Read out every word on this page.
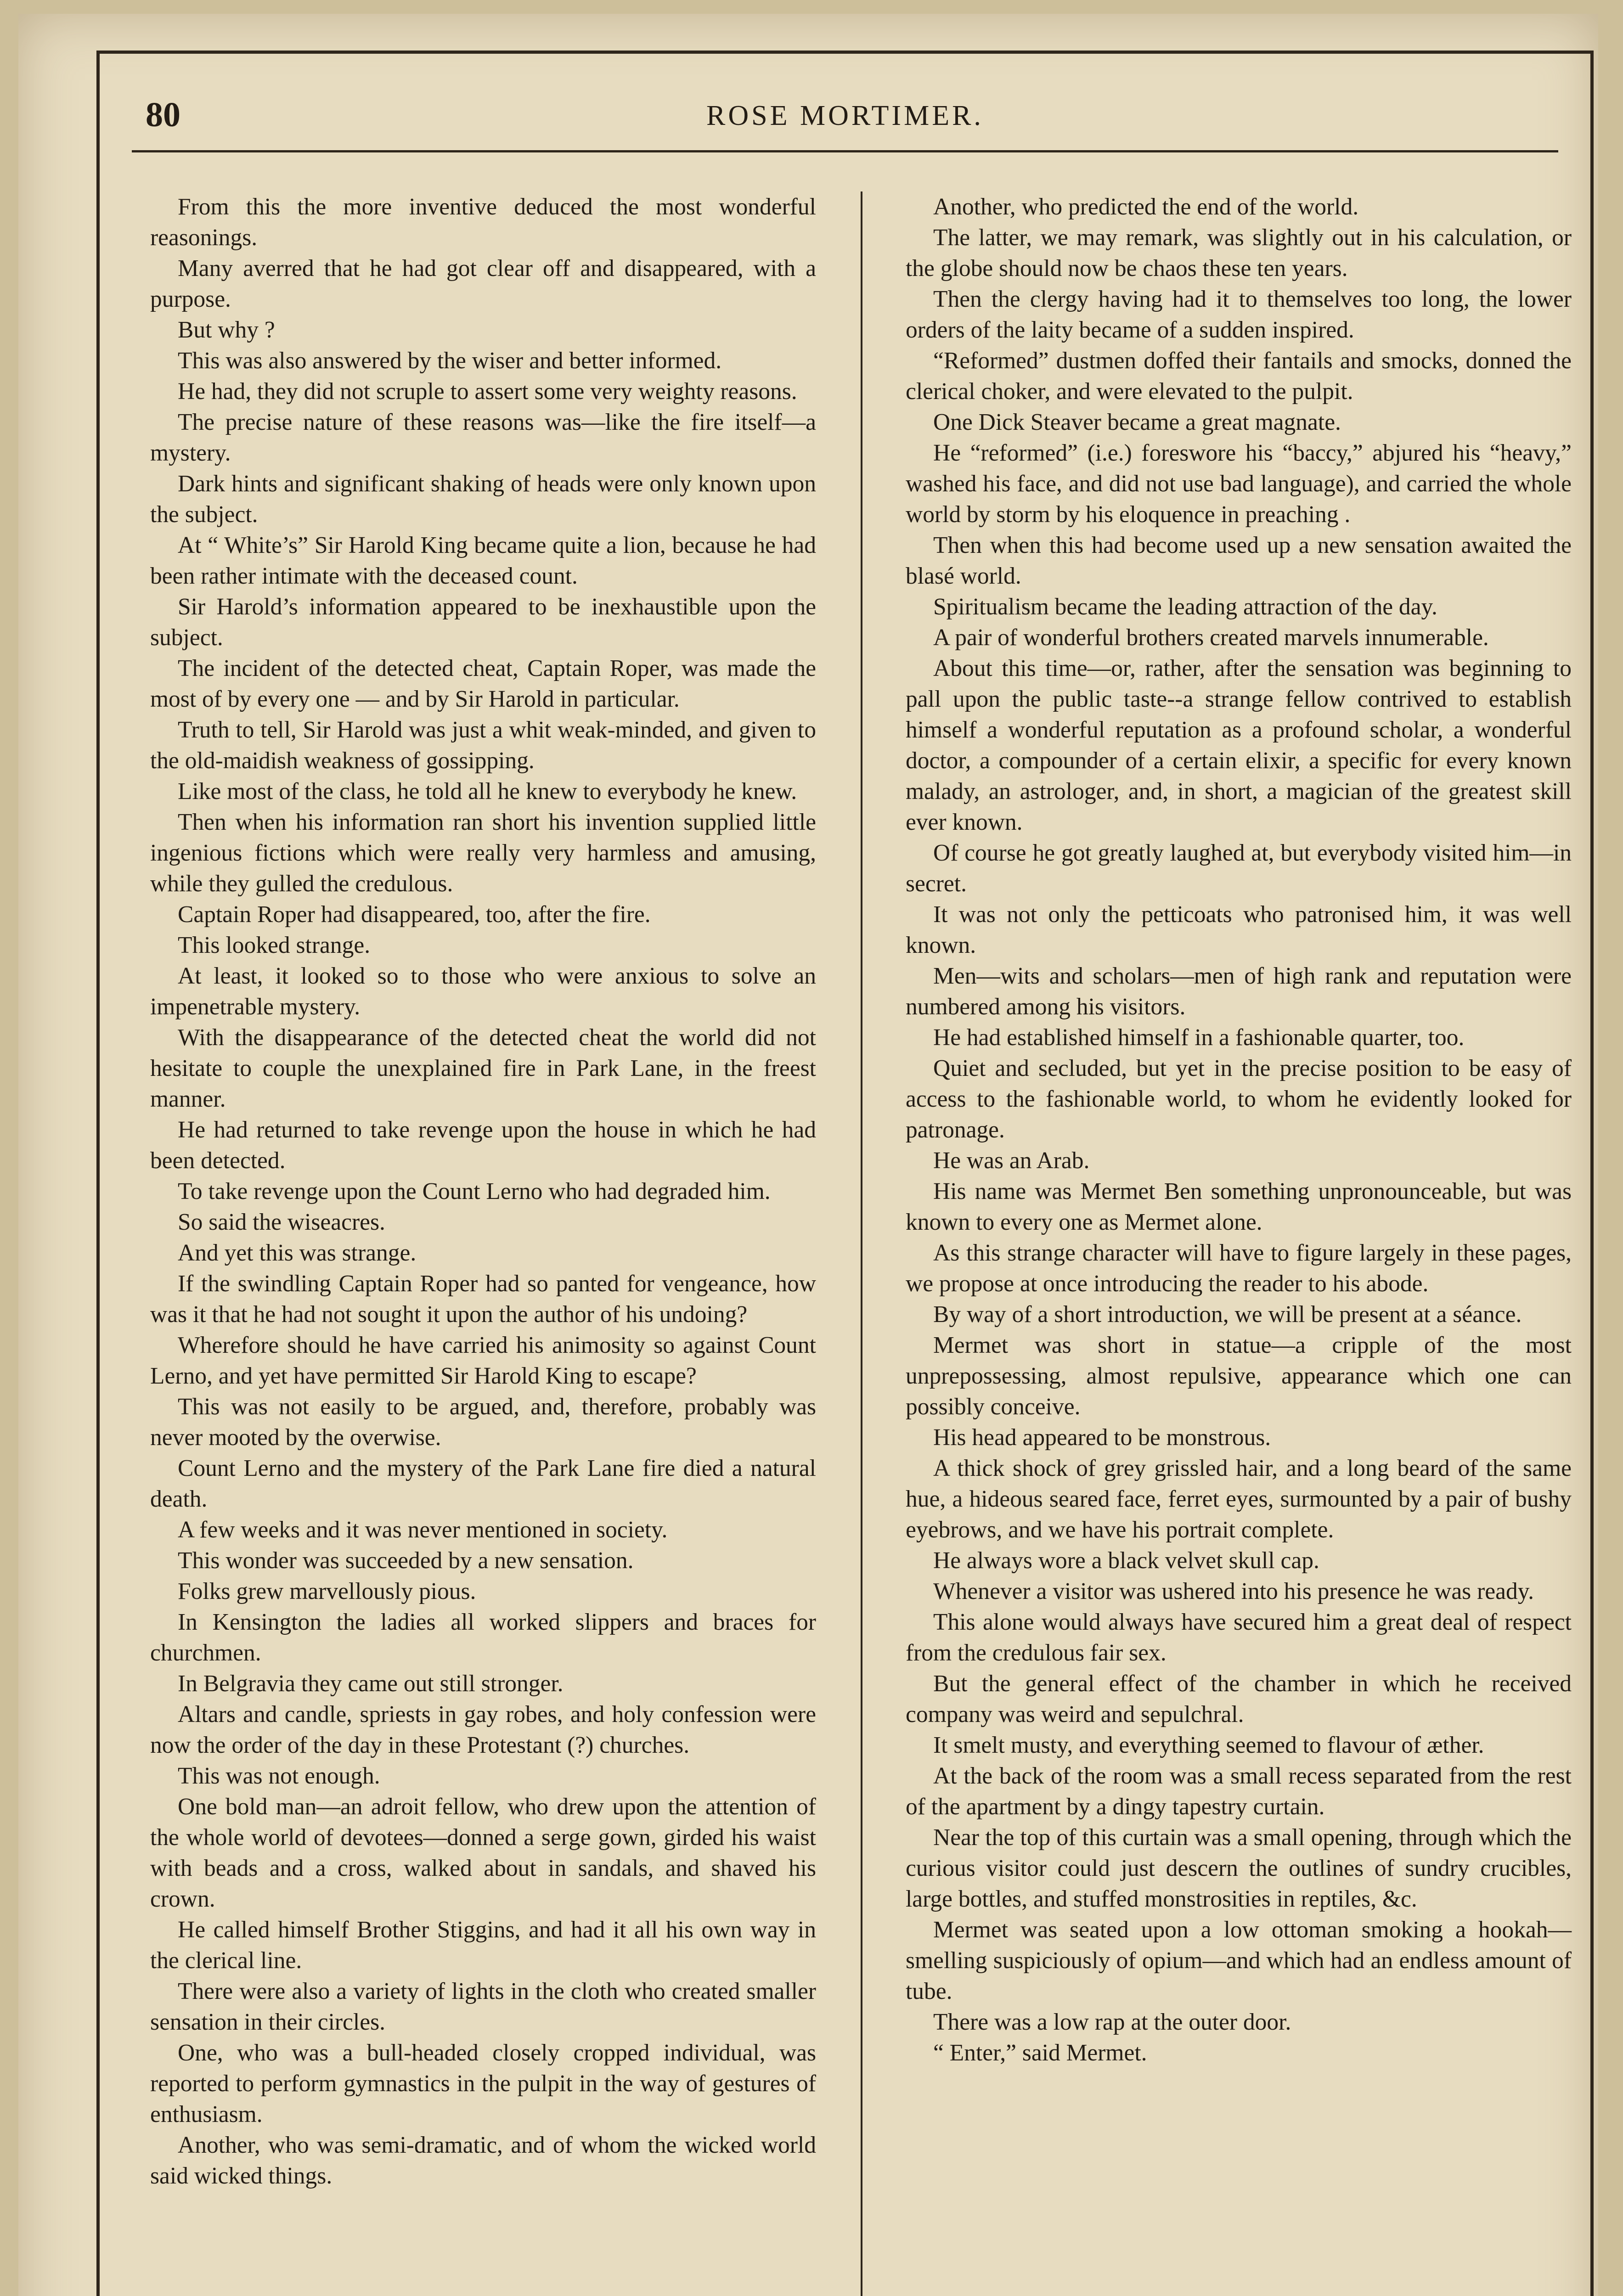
80	ROSE MORTIMER.

From this the more inventive deduced the most wonderful reasonings.

Many averred that he had got clear off and disappeared, with a purpose.

But why ?

This was also answered by the wiser and better informed.

He had, they did not scruple to assert some very weighty reasons.

The precise nature of these reasons was—like the fire itself—a mystery.

Dark hints and significant shaking of heads were only known upon the subject.

At “ White’s” Sir Harold King became quite a lion, because he had been rather intimate with the deceased count.

Sir Harold’s information appeared to be inexhaustible upon the subject.

The incident of the detected cheat, Captain Roper, was made the most of by every one — and by Sir Harold in particular.

Truth to tell, Sir Harold was just a whit weak-minded, and given to the old-maidish weakness of gossipping.

Like most of the class, he told all he knew to everybody he knew.

Then when his information ran short his invention supplied little ingenious fictions which were really very harmless and amusing, while they gulled the credulous.

Captain Roper had disappeared, too, after the fire.

This looked strange.

At least, it looked so to those who were anxious to solve an impenetrable mystery.

With the disappearance of the detected cheat the world did not hesitate to couple the unexplained fire in Park Lane, in the freest manner.

He had returned to take revenge upon the house in which he had been detected.

To take revenge upon the Count Lerno who had degraded him.

So said the wiseacres.

And yet this was strange.

If the swindling Captain Roper had so panted for vengeance, how was it that he had not sought it upon the author of his undoing?

Wherefore should he have carried his animosity so against Count Lerno, and yet have permitted Sir Harold King to escape?

This was not easily to be argued, and, therefore, probably was never mooted by the overwise.

Count Lerno and the mystery of the Park Lane fire died a natural death.

A few weeks and it was never mentioned in society.

This wonder was succeeded by a new sensation.

Folks grew marvellously pious.

In Kensington the ladies all worked slippers and braces for churchmen.

In Belgravia they came out still stronger.

Altars and candle, spriests in gay robes, and holy confession were now the order of the day in these Protestant (?) churches.

This was not enough.

One bold man—an adroit fellow, who drew upon the attention of the whole world of devotees—donned a serge gown, girded his waist with beads and a cross, walked about in sandals, and shaved his crown.

He called himself Brother Stiggins, and had it all his own way in the clerical line.

There were also a variety of lights in the cloth who created smaller sensation in their circles.

One, who was a bull-headed closely cropped individual, was reported to perform gymnastics in the pulpit in the way of gestures of enthusiasm.

Another, who was semi-dramatic, and of whom the wicked world said wicked things.

Another, who predicted the end of the world.

The latter, we may remark, was slightly out in his calculation, or the globe should now be chaos these ten years.

Then the clergy having had it to themselves too long, the lower orders of the laity became of a sudden inspired.

“Reformed” dustmen doffed their fantails and smocks, donned the clerical choker, and were elevated to the pulpit.

One Dick Steaver became a great magnate.

He “reformed” (i.e.) foreswore his “baccy,” abjured his “heavy,” washed his face, and did not use bad language), and carried the whole world by storm by his eloquence in preaching .

Then when this had become used up a new sensation awaited the blasé world.

Spiritualism became the leading attraction of the day.

A pair of wonderful brothers created marvels innumerable.

About this time—or, rather, after the sensation was beginning to pall upon the public taste--a strange fellow contrived to establish himself a wonderful reputation as a profound scholar, a wonderful doctor, a compounder of a certain elixir, a specific for every known malady, an astrologer, and, in short, a magician of the greatest skill ever known.

Of course he got greatly laughed at, but everybody visited him—in secret.

It was not only the petticoats who patronised him, it was well known.

Men—wits and scholars—men of high rank and reputation were numbered among his visitors.

He had established himself in a fashionable quarter, too.

Quiet and secluded, but yet in the precise position to be easy of access to the fashionable world, to whom he evidently looked for patronage.

He was an Arab.

His name was Mermet Ben something unpronounceable, but was known to every one as Mermet alone.

As this strange character will have to figure largely in these pages, we propose at once introducing the reader to his abode.

By way of a short introduction, we will be present at a séance.

Mermet was short in statue—a cripple of the most unprepossessing, almost repulsive, appearance which one can possibly conceive.

His head appeared to be monstrous.

A thick shock of grey grissled hair, and a long beard of the same hue, a hideous seared face, ferret eyes, surmounted by a pair of bushy eyebrows, and we have his portrait complete.

He always wore a black velvet skull cap.

Whenever a visitor was ushered into his presence he was ready.

This alone would always have secured him a great deal of respect from the credulous fair sex.

But the general effect of the chamber in which he received company was weird and sepulchral.

It smelt musty, and everything seemed to flavour of æther.

At the back of the room was a small recess separated from the rest of the apartment by a dingy tapestry curtain.

Near the top of this curtain was a small opening, through which the curious visitor could just descern the outlines of sundry crucibles, large bottles, and stuffed monstrosities in reptiles, &c.

Mermet was seated upon a low ottoman smoking a hookah—smelling suspiciously of opium—and which had an endless amount of tube.

There was a low rap at the outer door.

“ Enter,” said Mermet.
